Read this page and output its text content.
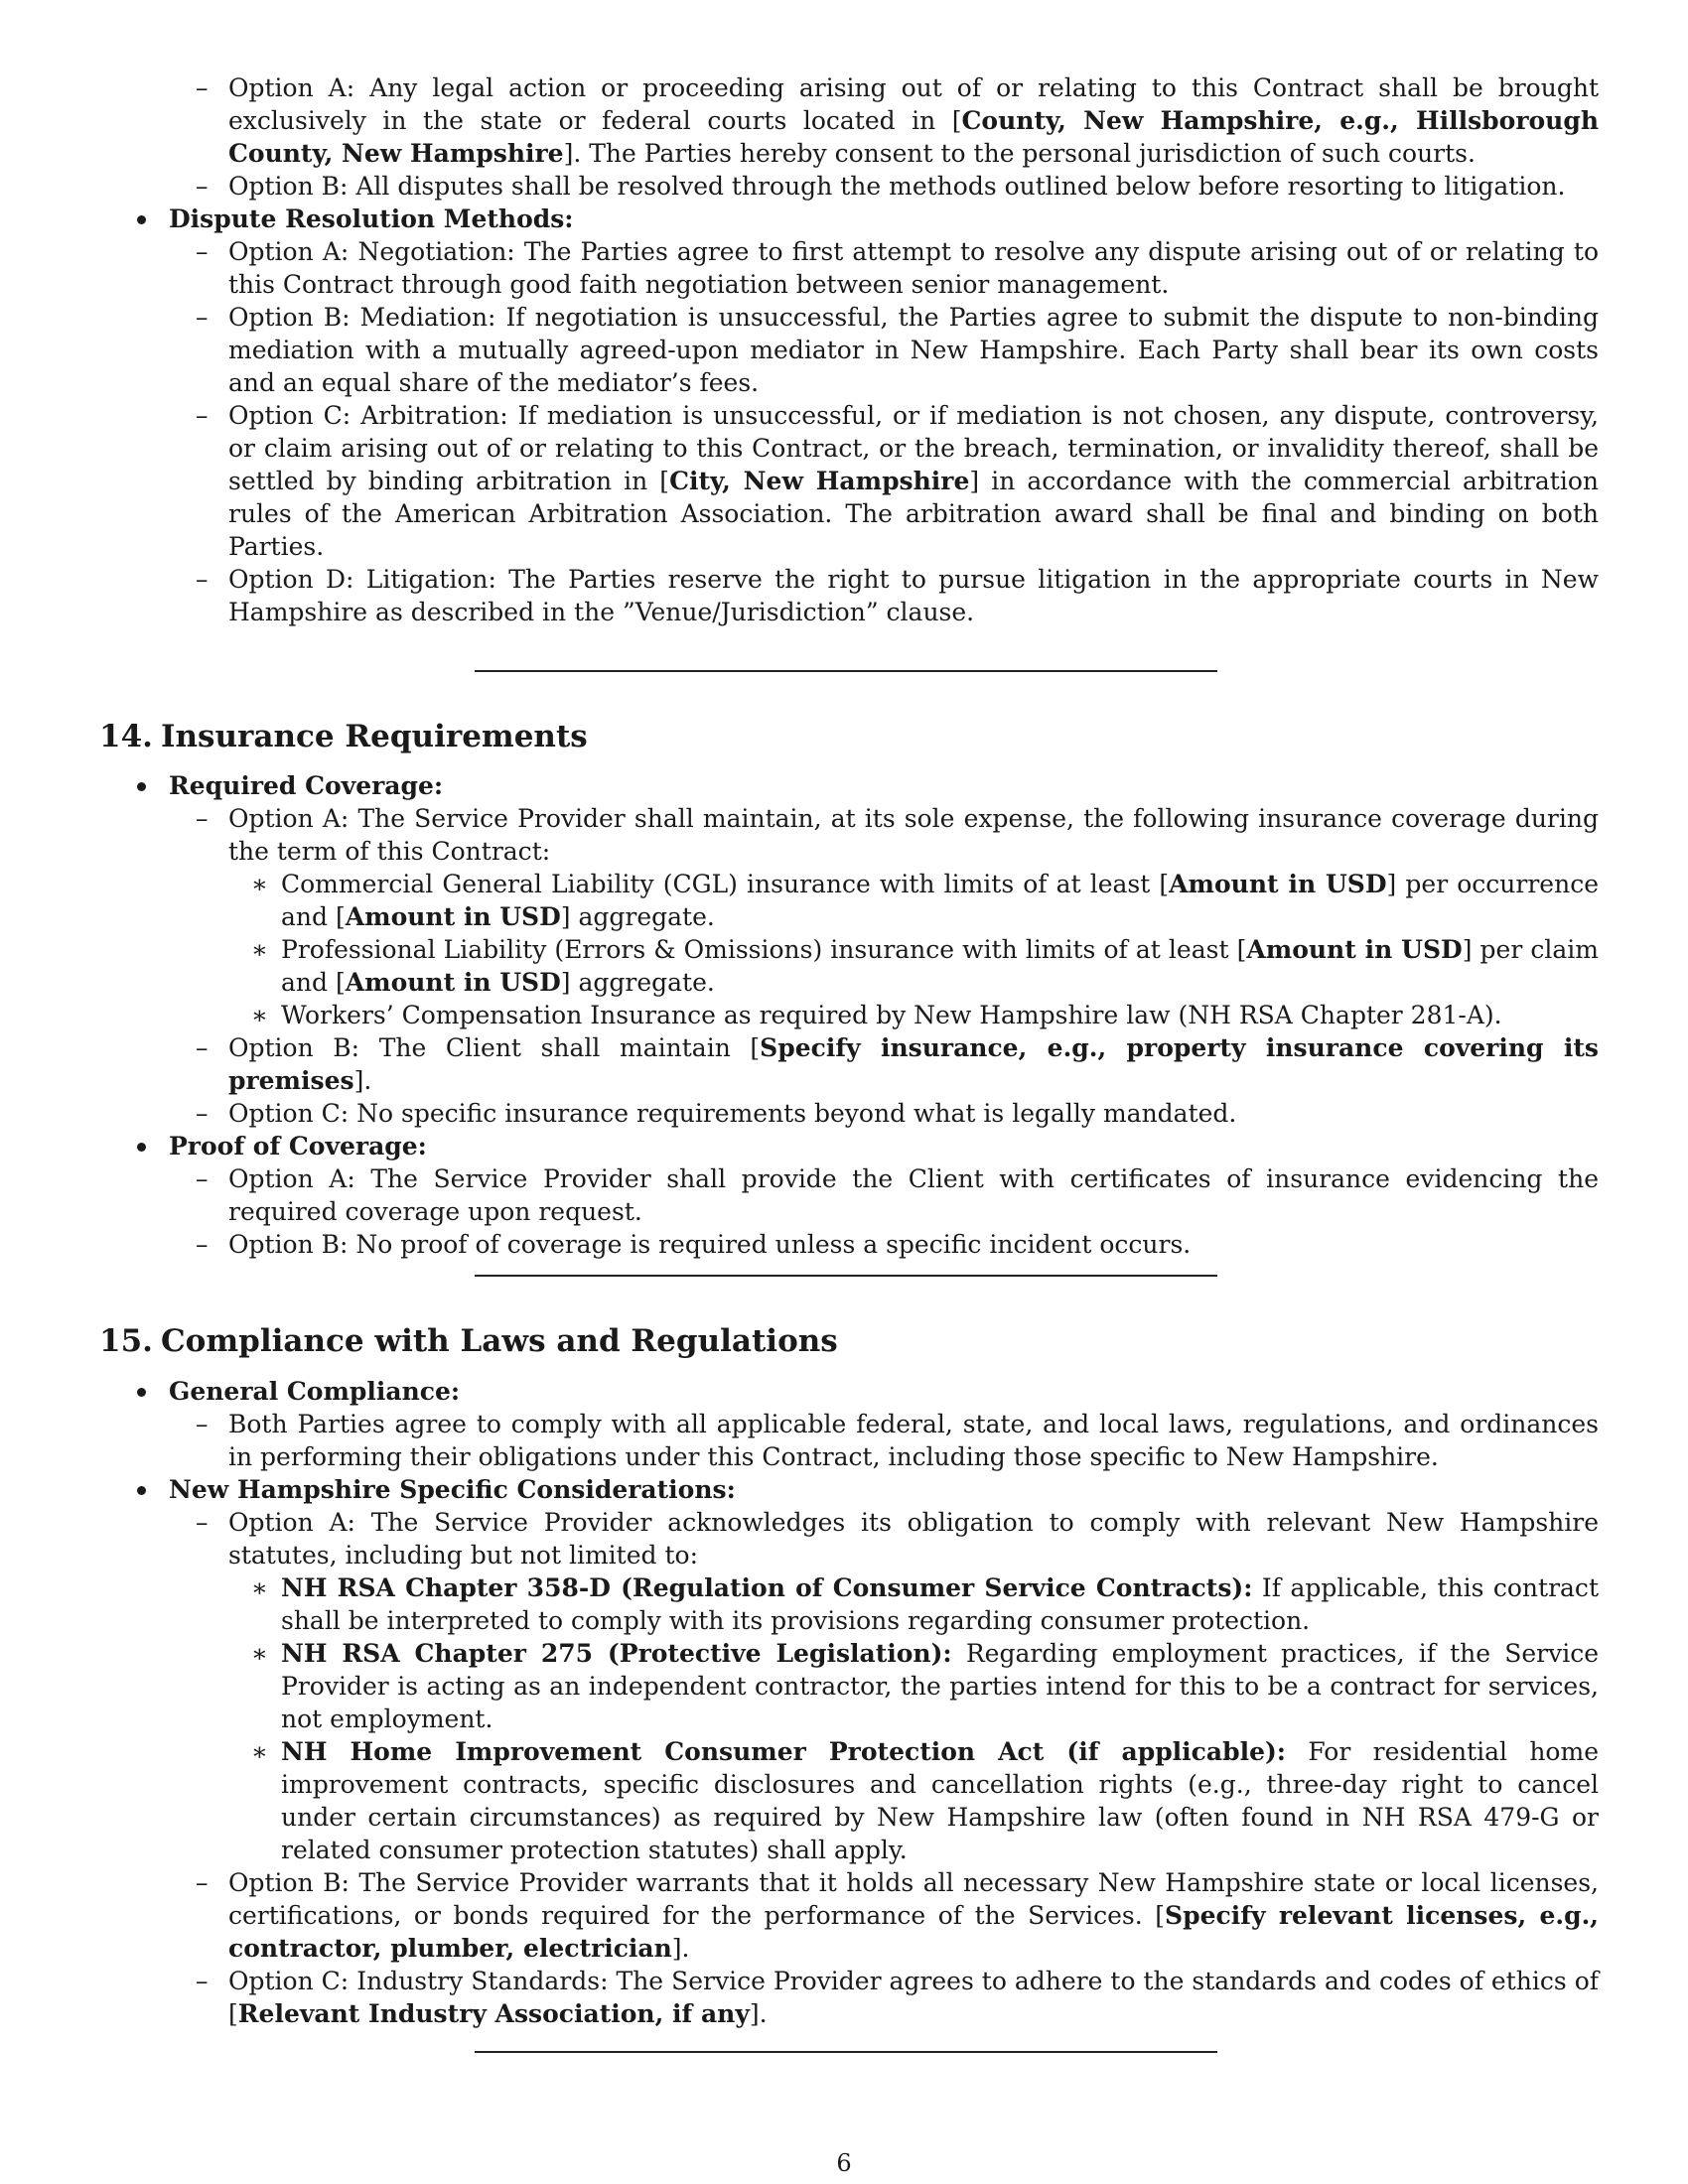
– Option A: Any legal action or proceeding arising out of or relating to this Contract shall be brought exclusively in the state or federal courts located in [County, New Hampshire, e.g., Hillsborough County, New Hampshire]. The Parties hereby consent to the personal jurisdiction of such courts.
– Option B: All disputes shall be resolved through the methods outlined below before resorting to litigation.
Dispute Resolution Methods:
– Option A: Negotiation: The Parties agree to first attempt to resolve any dispute arising out of or relating to this Contract through good faith negotiation between senior management.
– Option B: Mediation: If negotiation is unsuccessful, the Parties agree to submit the dispute to non-binding mediation with a mutually agreed-upon mediator in New Hampshire. Each Party shall bear its own costs and an equal share of the mediator’s fees.
– Option C: Arbitration: If mediation is unsuccessful, or if mediation is not chosen, any dispute, controversy, or claim arising out of or relating to this Contract, or the breach, termination, or invalidity thereof, shall be settled by binding arbitration in [City, New Hampshire] in accordance with the commercial arbitration rules of the American Arbitration Association. The arbitration award shall be final and binding on both Parties.
– Option D: Litigation: The Parties reserve the right to pursue litigation in the appropriate courts in New Hampshire as described in the ”Venue/Jurisdiction” clause.
14. Insurance Requirements
Required Coverage:
– Option A: The Service Provider shall maintain, at its sole expense, the following insurance coverage during the term of this Contract:
∗ Commercial General Liability (CGL) insurance with limits of at least [Amount in USD] per occurrence and [Amount in USD] aggregate.
∗ Professional Liability (Errors & Omissions) insurance with limits of at least [Amount in USD] per claim and [Amount in USD] aggregate.
∗ Workers’ Compensation Insurance as required by New Hampshire law (NH RSA Chapter 281-A).
– Option B: The Client shall maintain [Specify insurance, e.g., property insurance covering its premises].
– Option C: No specific insurance requirements beyond what is legally mandated.
Proof of Coverage:
– Option A: The Service Provider shall provide the Client with certificates of insurance evidencing the required coverage upon request.
– Option B: No proof of coverage is required unless a specific incident occurs.
15. Compliance with Laws and Regulations
General Compliance:
– Both Parties agree to comply with all applicable federal, state, and local laws, regulations, and ordinances in performing their obligations under this Contract, including those specific to New Hampshire.
New Hampshire Specific Considerations:
– Option A: The Service Provider acknowledges its obligation to comply with relevant New Hampshire statutes, including but not limited to:
∗ NH RSA Chapter 358-D (Regulation of Consumer Service Contracts): If applicable, this contract shall be interpreted to comply with its provisions regarding consumer protection.
∗ NH RSA Chapter 275 (Protective Legislation): Regarding employment practices, if the Service Provider is acting as an independent contractor, the parties intend for this to be a contract for services, not employment.
∗ NH Home Improvement Consumer Protection Act (if applicable): For residential home improvement contracts, specific disclosures and cancellation rights (e.g., three-day right to cancel under certain circumstances) as required by New Hampshire law (often found in NH RSA 479-G or related consumer protection statutes) shall apply.
– Option B: The Service Provider warrants that it holds all necessary New Hampshire state or local licenses, certifications, or bonds required for the performance of the Services. [Specify relevant licenses, e.g., contractor, plumber, electrician].
– Option C: Industry Standards: The Service Provider agrees to adhere to the standards and codes of ethics of [Relevant Industry Association, if any].
6
